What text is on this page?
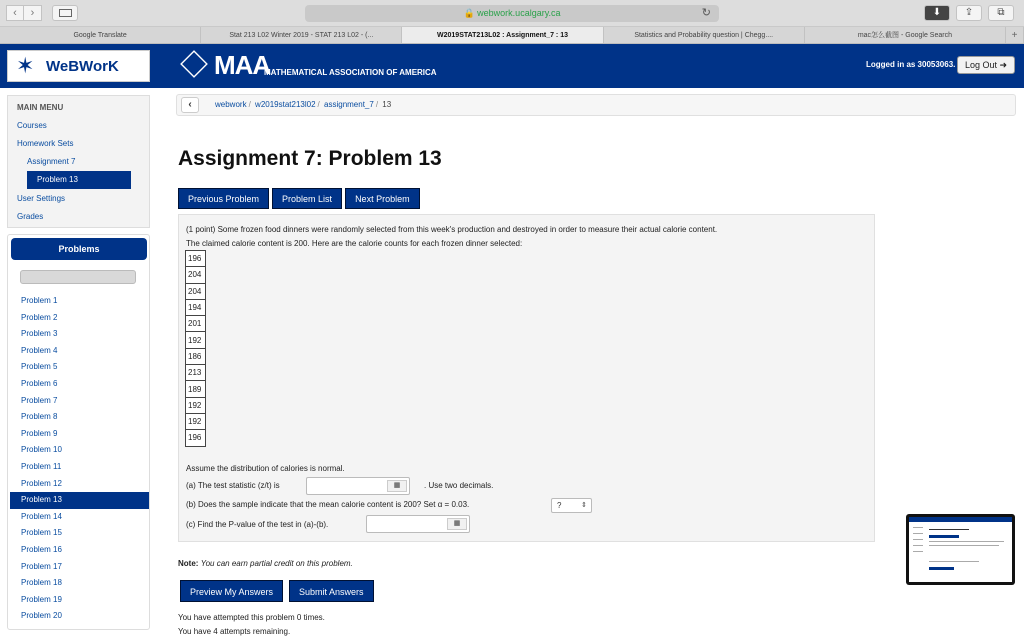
‹	›	🔒 webwork.ucalgary.ca	↻	⬇	⇪	⧉
Google Translate	Stat 213 L02 Winter 2019 - STAT 213 L02 - (...	W2019STAT213L02 : Assignment_7 : 13	Statistics and Probability question | Chegg....	mac怎么截图 - Google Search	+
✶ WeBWorK	MAA
MATHEMATICAL ASSOCIATION OF AMERICA
Logged in as 30053063.	Log Out ➜
MAIN MENU
Courses
Homework Sets
Assignment 7
Problem 13
User Settings
Grades
Problems
Problem 1
Problem 2
Problem 3
Problem 4
Problem 5
Problem 6
Problem 7
Problem 8
Problem 9
Problem 10
Problem 11
Problem 12
Problem 13
Problem 14
Problem 15
Problem 16
Problem 17
Problem 18
Problem 19
Problem 20
‹	webwork / w2019stat213l02 / assignment_7 / 13
Assignment 7: Problem 13
Previous Problem	Problem List	Next Problem
(1 point) Some frozen food dinners were randomly selected from this week's production and destroyed in order to measure their actual calorie content.
The claimed calorie content is 200. Here are the calorie counts for each frozen dinner selected:
196
204
204
194
201
192
186
213
189
192
192
196
Assume the distribution of calories is normal.
(a) The test statistic (z/t) is	. Use two decimals.
(b) Does the sample indicate that the mean calorie content is 200? Set α = 0.03.
(c) Find the P-value of the test in (a)-(b).
▦
?	⇕
▦
Note: You can earn partial credit on this problem.
Preview My Answers	Submit Answers
You have attempted this problem 0 times.
You have 4 attempts remaining.
